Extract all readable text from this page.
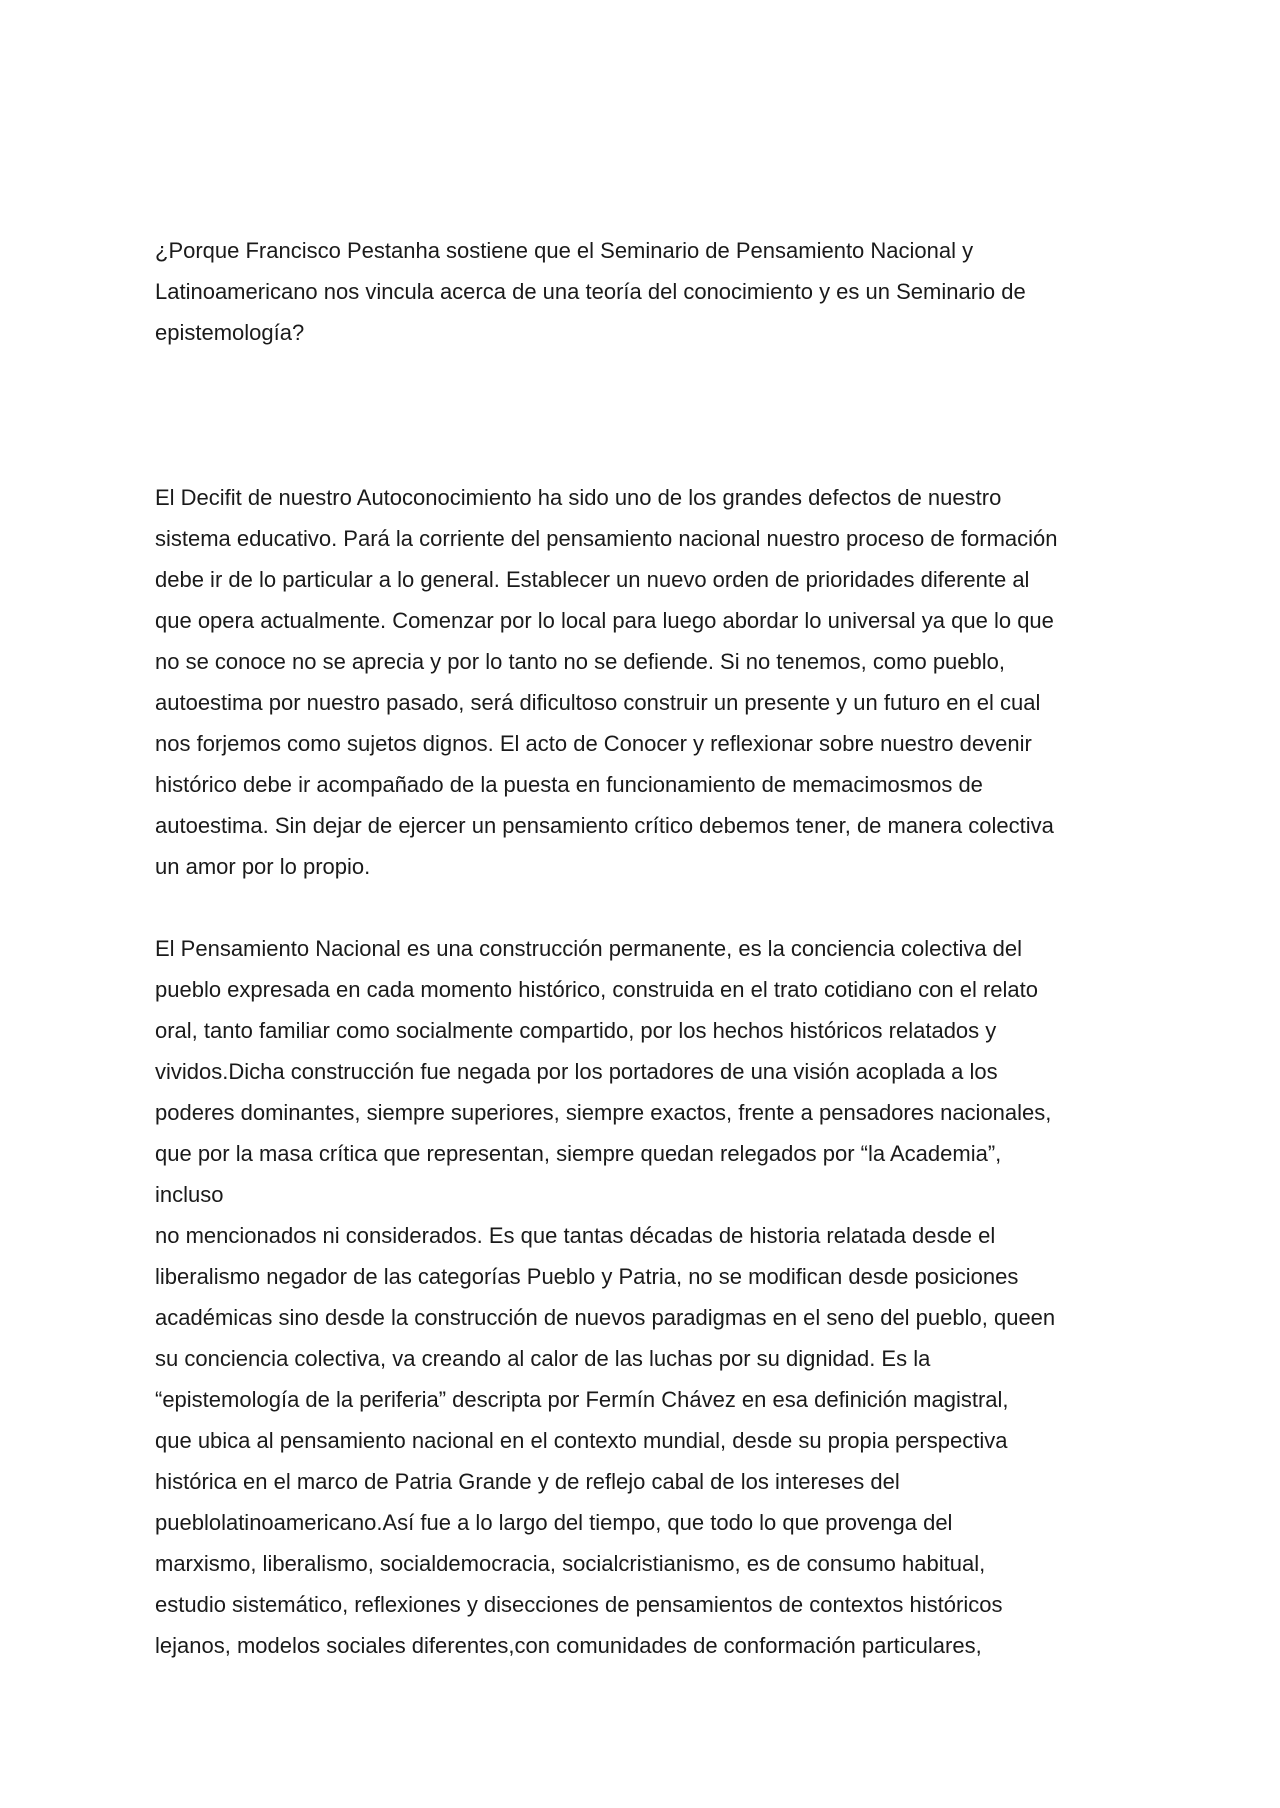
¿Porque Francisco Pestanha sostiene que el Seminario de Pensamiento Nacional y
Latinoamericano nos vincula acerca de una teoría del conocimiento y es un Seminario de
epistemología?
El Decifit de nuestro Autoconocimiento ha sido uno de los grandes defectos de nuestro
sistema educativo. Pará la corriente del pensamiento nacional nuestro proceso de formación
debe ir de lo particular a lo general. Establecer un nuevo orden de prioridades diferente al
que opera actualmente. Comenzar por lo local para luego abordar lo universal ya que lo que
no se conoce no se aprecia y por lo tanto no se defiende. Si no tenemos, como pueblo,
autoestima por nuestro pasado, será dificultoso construir un presente y un futuro en el cual
nos forjemos como sujetos dignos. El acto de Conocer y reflexionar sobre nuestro devenir
histórico debe ir acompañado de la puesta en funcionamiento de memacimosmos de
autoestima. Sin dejar de ejercer un pensamiento crítico debemos tener, de manera colectiva
un amor por lo propio.
El Pensamiento Nacional es una construcción permanente, es la conciencia colectiva del
pueblo expresada en cada momento histórico, construida en el trato cotidiano con el relato
oral, tanto familiar como socialmente compartido, por los hechos históricos relatados y
vividos.Dicha construcción fue negada por los portadores de una visión acoplada a los
poderes dominantes, siempre superiores, siempre exactos, frente a pensadores nacionales,
que por la masa crítica que representan, siempre quedan relegados por “la Academia”,
incluso
no mencionados ni considerados. Es que tantas décadas de historia relatada desde el
liberalismo negador de las categorías Pueblo y Patria, no se modifican desde posiciones
académicas sino desde la construcción de nuevos paradigmas en el seno del pueblo, queen
su conciencia colectiva, va creando al calor de las luchas por su dignidad. Es la
“epistemología de la periferia” descripta por Fermín Chávez en esa definición magistral,
que ubica al pensamiento nacional en el contexto mundial, desde su propia perspectiva
histórica en el marco de Patria Grande y de reflejo cabal de los intereses del
pueblolatinoamericano.Así fue a lo largo del tiempo, que todo lo que provenga del
marxismo, liberalismo, socialdemocracia, socialcristianismo, es de consumo habitual,
estudio sistemático, reflexiones y disecciones de pensamientos de contextos históricos
lejanos, modelos sociales diferentes,con comunidades de conformación particulares,
